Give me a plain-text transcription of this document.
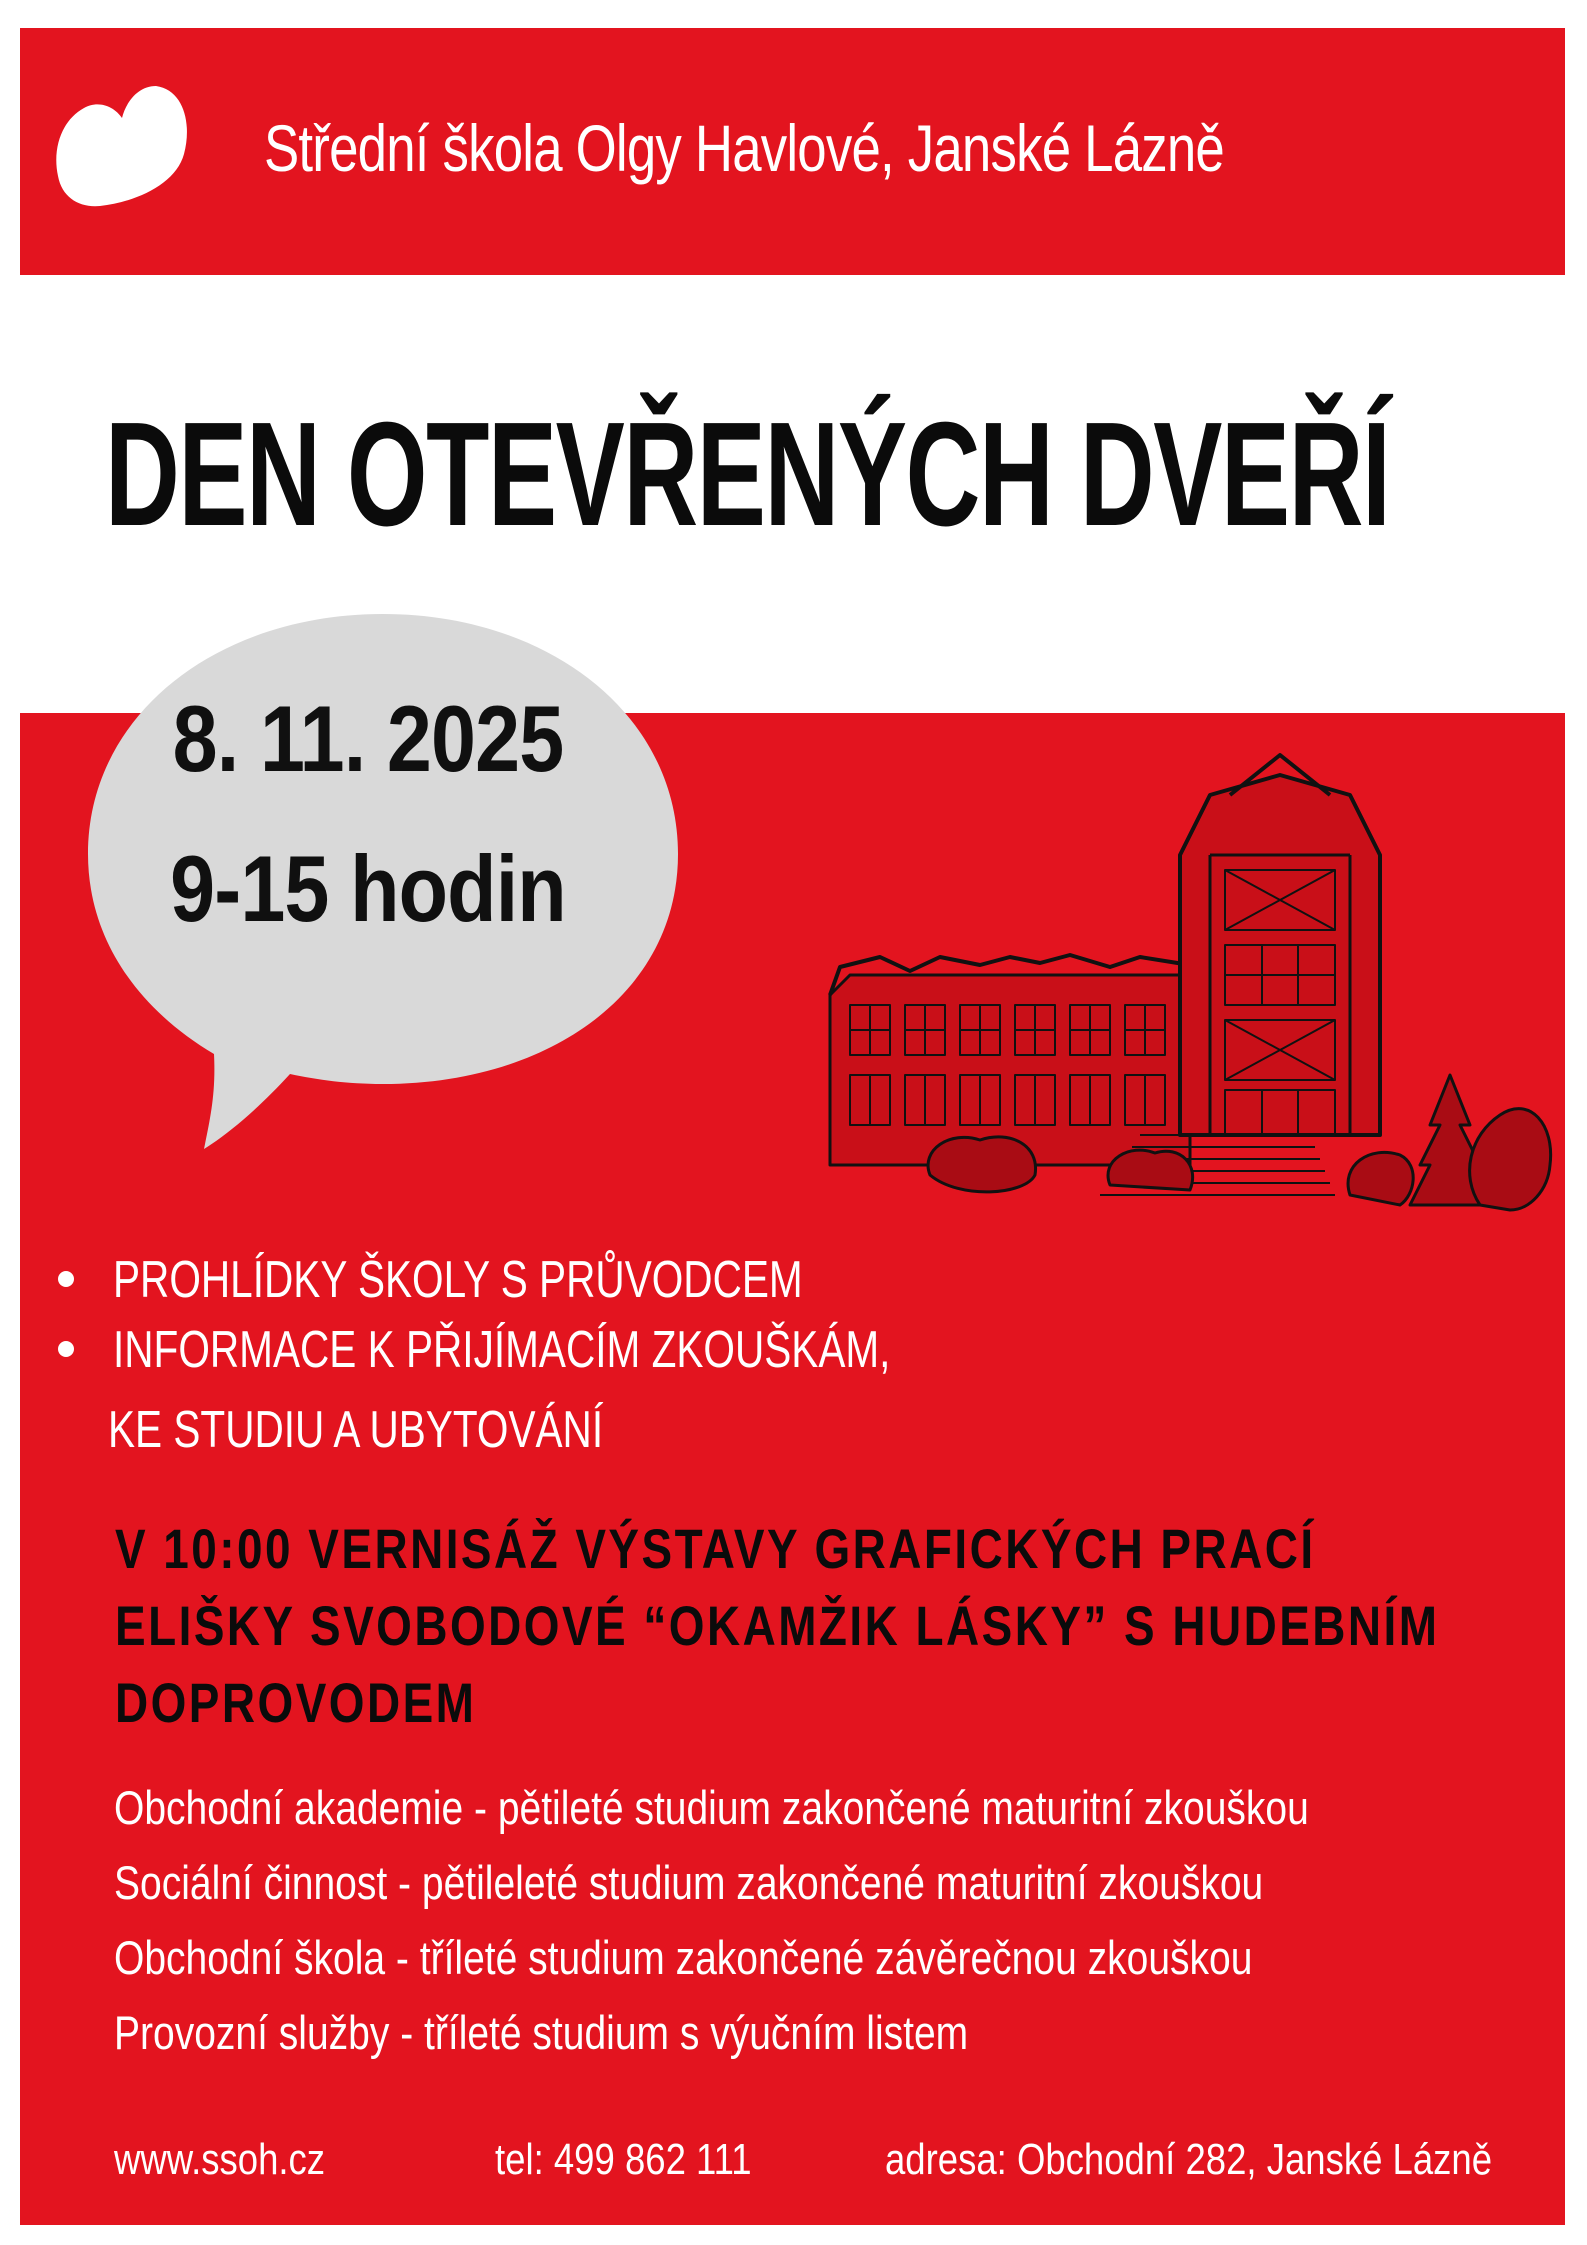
Střední škola Olgy Havlové, Janské Lázně
DEN OTEVŘENÝCH DVEŘÍ
8. 11. 2025
9-15 hodin
PROHLÍDKY ŠKOLY S PRŮVODCEM
INFORMACE K PŘIJÍMACÍM ZKOUŠKÁM,
KE STUDIU A UBYTOVÁNÍ
V 10:00 VERNISÁŽ VÝSTAVY GRAFICKÝCH PRACÍ
ELIŠKY SVOBODOVÉ “OKAMŽIK LÁSKY” S HUDEBNÍM
DOPROVODEM
Obchodní akademie - pětileté studium zakončené maturitní zkouškou
Sociální činnost - pětileleté studium zakončené maturitní zkouškou
Obchodní škola - tříleté studium zakončené závěrečnou zkouškou
Provozní služby - tříleté studium s výučním listem
www.ssoh.cz	tel: 499 862 111	adresa: Obchodní 282, Janské Lázně
